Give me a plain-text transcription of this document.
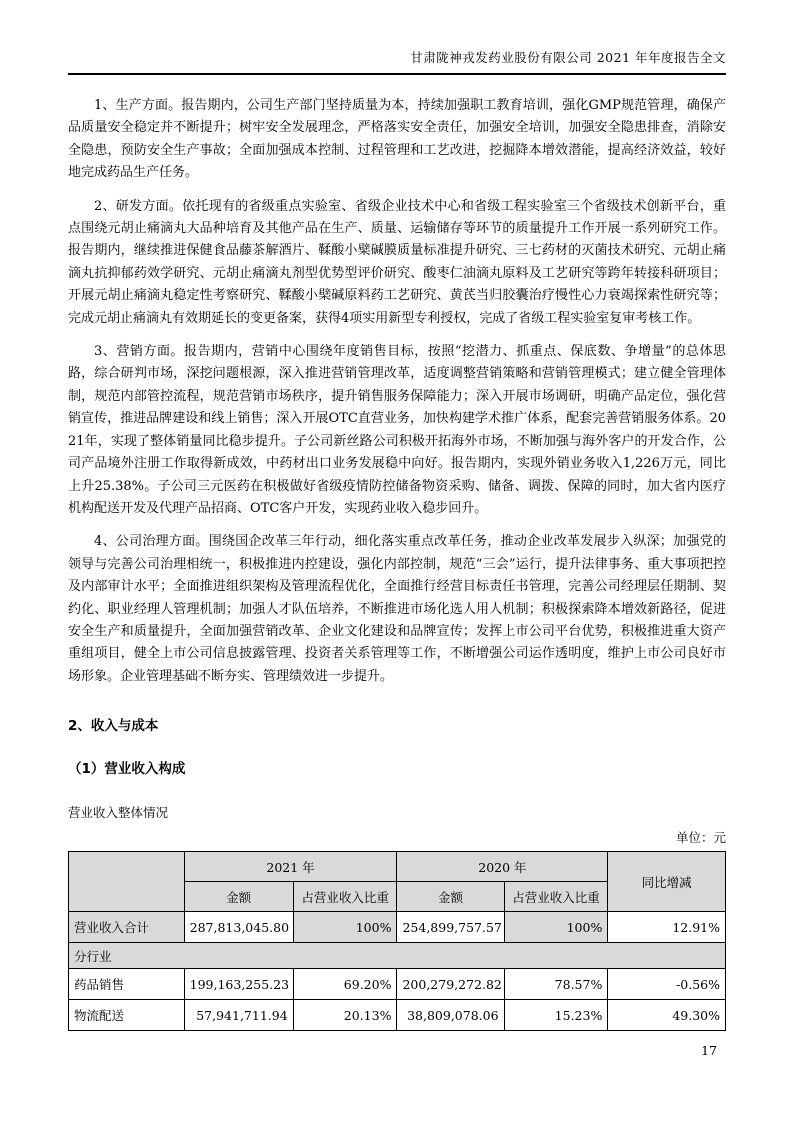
甘肃陇神戎发药业股份有限公司 2021 年年度报告全文

1、生产方面。报告期内，公司生产部门坚持质量为本，持续加强职工教育培训，强化GMP规范管理，确保产品质量安全稳定并不断提升；树牢安全发展理念，严格落实安全责任，加强安全培训，加强安全隐患排查，消除安全隐患，预防安全生产事故；全面加强成本控制、过程管理和工艺改进，挖掘降本增效潜能，提高经济效益，较好地完成药品生产任务。

2、研发方面。依托现有的省级重点实验室、省级企业技术中心和省级工程实验室三个省级技术创新平台，重点围绕元胡止痛滴丸大品种培育及其他产品在生产、质量、运输储存等环节的质量提升工作开展一系列研究工作。报告期内，继续推进保健食品藤茶解酒片、鞣酸小檗碱膜质量标准提升研究、三七药材的灭菌技术研究、元胡止痛滴丸抗抑郁药效学研究、元胡止痛滴丸剂型优势型评价研究、酸枣仁油滴丸原料及工艺研究等跨年转接科研项目；开展元胡止痛滴丸稳定性考察研究、鞣酸小檗碱原料药工艺研究、黄芪当归胶囊治疗慢性心力衰竭探索性研究等；完成元胡止痛滴丸有效期延长的变更备案，获得4项实用新型专利授权，完成了省级工程实验室复审考核工作。

3、营销方面。报告期内，营销中心围绕年度销售目标，按照“挖潜力、抓重点、保底数、争增量”的总体思路，综合研判市场，深挖问题根源，深入推进营销管理改革，适度调整营销策略和营销管理模式；建立健全管理体制，规范内部管控流程，规范营销市场秩序，提升销售服务保障能力；深入开展市场调研，明确产品定位，强化营销宣传，推进品牌建设和线上销售；深入开展OTC直营业务，加快构建学术推广体系，配套完善营销服务体系。2021年，实现了整体销量同比稳步提升。子公司新丝路公司积极开拓海外市场，不断加强与海外客户的开发合作，公司产品境外注册工作取得新成效，中药材出口业务发展稳中向好。报告期内，实现外销业务收入1,226万元，同比上升25.38%。子公司三元医药在积极做好省级疫情防控储备物资采购、储备、调拨、保障的同时，加大省内医疗机构配送开发及代理产品招商、OTC客户开发，实现药业收入稳步回升。

4、公司治理方面。围绕国企改革三年行动，细化落实重点改革任务，推动企业改革发展步入纵深；加强党的领导与完善公司治理相统一，积极推进内控建设，强化内部控制，规范“三会”运行，提升法律事务、重大事项把控及内部审计水平；全面推进组织架构及管理流程优化，全面推行经营目标责任书管理，完善公司经理层任期制、契约化、职业经理人管理机制；加强人才队伍培养，不断推进市场化选人用人机制；积极探索降本增效新路径，促进安全生产和质量提升，全面加强营销改革、企业文化建设和品牌宣传；发挥上市公司平台优势，积极推进重大资产重组项目，健全上市公司信息披露管理、投资者关系管理等工作，不断增强公司运作透明度，维护上市公司良好市场形象。企业管理基础不断夯实、管理绩效进一步提升。

2、收入与成本
（1）营业收入构成
营业收入整体情况
单位：元
	2021 年		2020 年		同比增减
	金额	占营业收入比重	金额	占营业收入比重	
营业收入合计	287,813,045.80	100%	254,899,757.57	100%	12.91%
分行业					
药品销售	199,163,255.23	69.20%	200,279,272.82	78.57%	-0.56%
物流配送	57,941,711.94	20.13%	38,809,078.06	15.23%	49.30%
17
